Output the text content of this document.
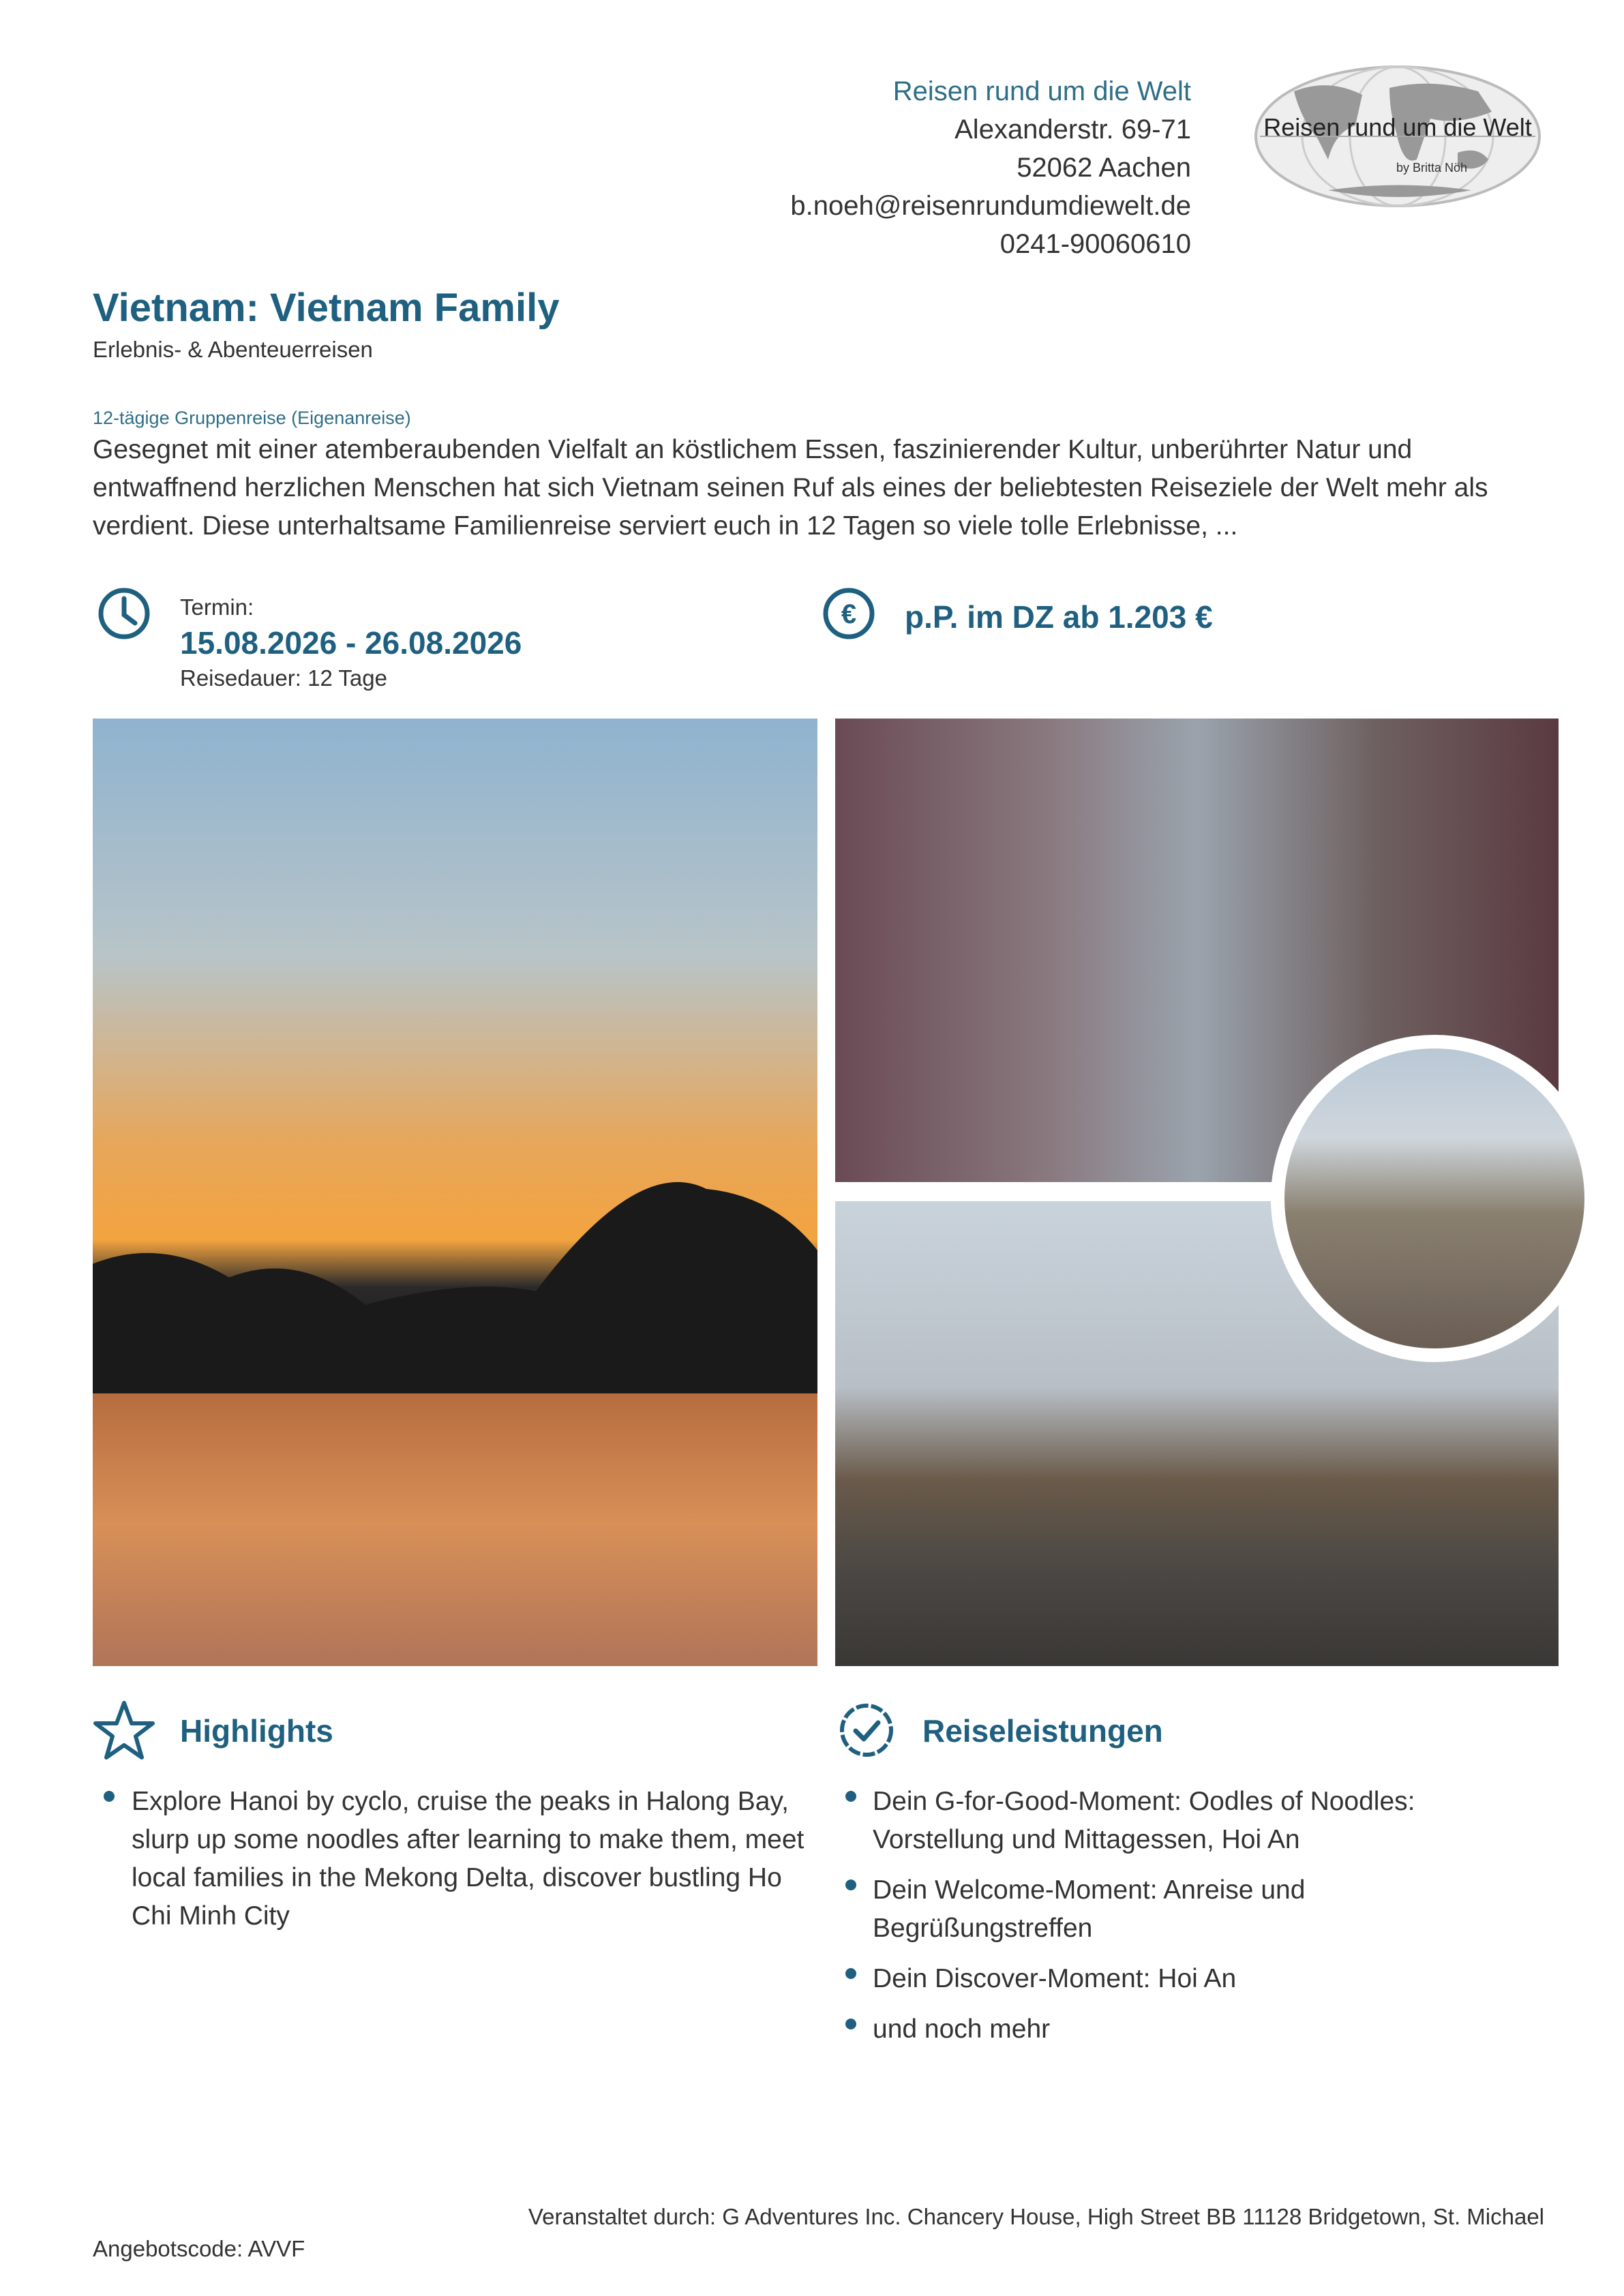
Reisen rund um die Welt
Alexanderstr. 69-71
52062 Aachen
b.noeh@reisenrundumdiewelt.de
0241-90060610
Reisen rund um die Welt
by Britta Nöh
Vietnam: Vietnam Family
Erlebnis- & Abenteuerreisen
12-tägige Gruppenreise (Eigenanreise)
Gesegnet mit einer atemberaubenden Vielfalt an köstlichem Essen, faszinierender Kultur, unberührter Natur und entwaffnend herzlichen Menschen hat sich Vietnam seinen Ruf als eines der beliebtesten Reiseziele der Welt mehr als verdient. Diese unterhaltsame Familienreise serviert euch in 12 Tagen so viele tolle Erlebnisse, ...
Termin:
15.08.2026 - 26.08.2026
Reisedauer: 12 Tage
€ p.P. im DZ ab 1.203 €
Highlights
Explore Hanoi by cyclo, cruise the peaks in Halong Bay, slurp up some noodles after learning to make them, meet local families in the Mekong Delta, discover bustling Ho Chi Minh City
Reiseleistungen
Dein G-for-Good-Moment: Oodles of Noodles: Vorstellung und Mittagessen, Hoi An
Dein Welcome-Moment: Anreise und Begrüßungstreffen
Dein Discover-Moment: Hoi An
und noch mehr
Angebotscode: AVVF
Veranstaltet durch: G Adventures Inc. Chancery House, High Street BB 11128 Bridgetown, St. Michael
